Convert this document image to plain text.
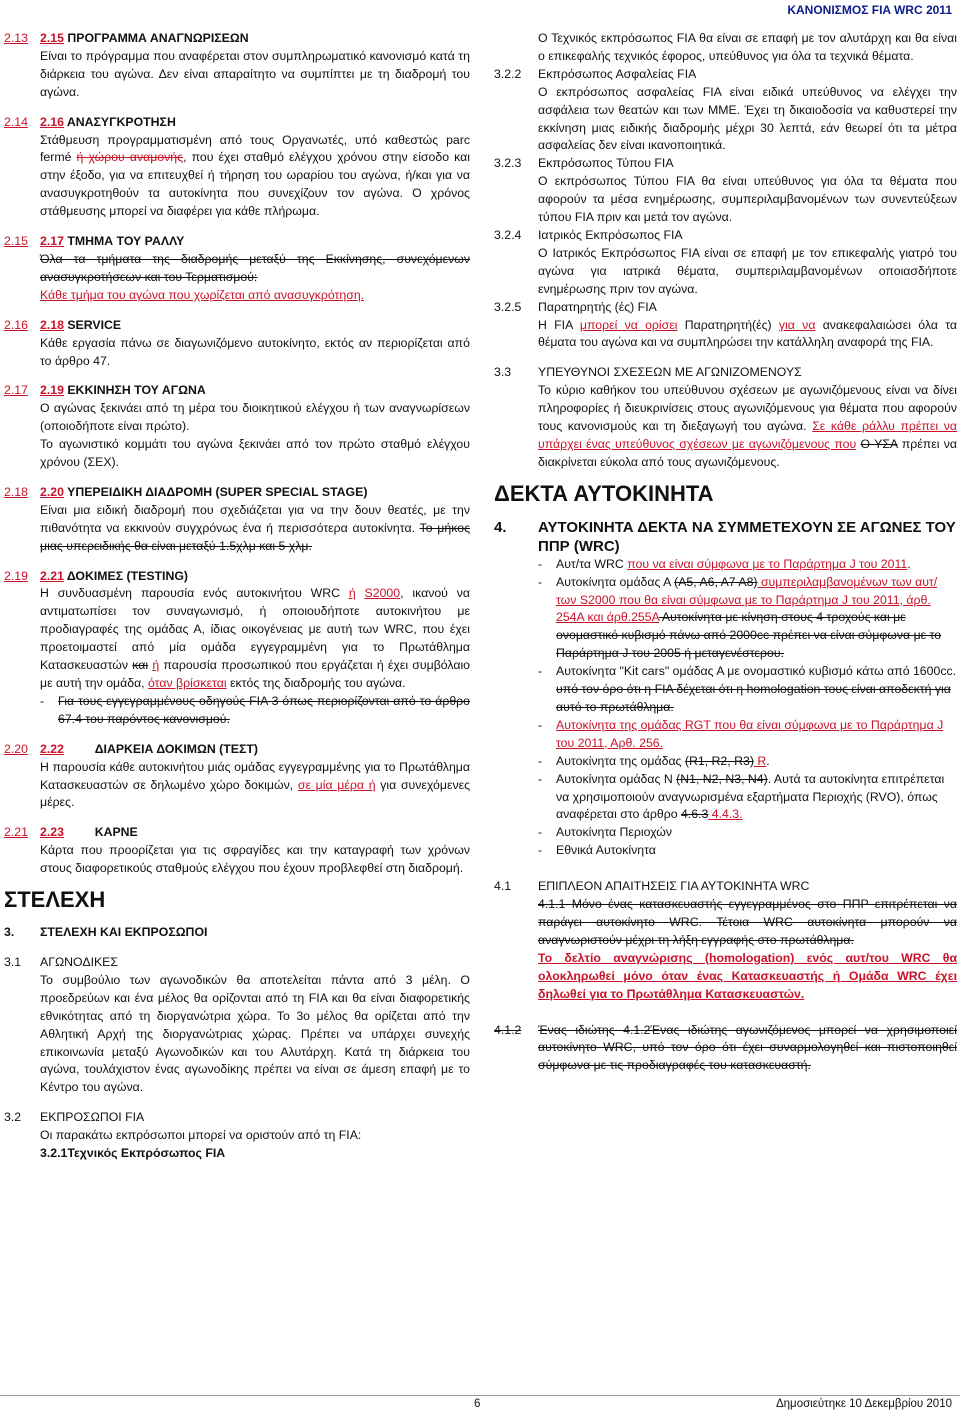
ΚΑΝΟΝΙΣΜΟΣ FIA WRC 2011
2.13 2.15 ΠΡΟΓΡΑΜΜΑ ΑΝΑΓΝΩΡΙΣΕΩΝ
Είναι το πρόγραμμα που αναφέρεται στον συμπληρωματικό κανονισμό κατά τη διάρκεια του αγώνα. Δεν είναι απαραίτητο να συμπίπτει με τη διαδρομή του αγώνα.
2.14 2.16 ΑΝΑΣΥΓΚΡΟΤΗΣΗ
Στάθμευση προγραμματισμένη από τους Οργανωτές, υπό καθεστώς parc fermé ή χώρου αναμονής, που έχει σταθμό ελέγχου χρόνου στην είσοδο και στην έξοδο, για να επιτευχθεί ή τήρηση του ωραρίου του αγώνα, ή/και για να ανασυγκροτηθούν τα αυτοκίνητα που συνεχίζουν τον αγώνα. Ο χρόνος στάθμευσης μπορεί να διαφέρει για κάθε πλήρωμα.
2.15 2.17 ΤΜΗΜΑ ΤΟΥ ΡΑΛΛΥ
Όλα τα τμήματα της διαδρομής μεταξύ της Εκκίνησης, συνεχόμενων ανασυγκροτήσεων και του Τερματισμού:
Κάθε τμήμα του αγώνα που χωρίζεται από ανασυγκρότηση.
2.16 2.18 SERVICE
Κάθε εργασία πάνω σε διαγωνιζόμενο αυτοκίνητο, εκτός αν περιορίζεται από το άρθρο 47.
2.17 2.19 ΕΚΚΙΝΗΣΗ ΤΟΥ ΑΓΩΝΑ
Ο αγώνας ξεκινάει από τη μέρα του διοικητικού ελέγχου ή των αναγνωρίσεων (οποιοδήποτε είναι πρώτο).
Το αγωνιστικό κομμάτι του αγώνα ξεκινάει από τον πρώτο σταθμό ελέγχου χρόνου (ΣΕΧ).
2.18 2.20 ΥΠΕΡΕΙΔΙΚΗ ΔΙΑΔΡΟΜΗ (SUPER SPECIAL STAGE)
Είναι μια ειδική διαδρομή που σχεδιάζεται για να την δουν θεατές, με την πιθανότητα να εκκινούν συγχρόνως ένα ή περισσότερα αυτοκίνητα. Το μήκος μιας υπερειδικής θα είναι μεταξύ 1.5χλμ και 5 χλμ.
2.19 2.21 ΔΟΚΙΜΕΣ (TESTING)
Η συνδυασμένη παρουσία ενός αυτοκινήτου WRC ή S2000, ικανού να αντιματωπίσει τον συναγωνισμό, ή οποιουδήποτε αυτοκινήτου με προδιαγραφές της ομάδας Α, ίδιας οικογένειας με αυτή των WRC, που έχει προετοιμαστεί από μία ομάδα εγγεγραμμένη για το Πρωτάθλημα Κατασκευαστών και ή παρουσία προσωπικού που εργάζεται ή έχει συμβόλαιο με αυτή την ομάδα, όταν βρίσκεται εκτός της διαδρομής του αγώνα.
-	Για τους εγγεγραμμένους οδηγούς FIA 3 όπως περιορίζονται από το άρθρο 67.4 του παρόντος κανονισμού.
2.20 2.22	ΔΙΑΡΚΕΙΑ ΔΟΚΙΜΩΝ (ΤΕΣΤ)
Η παρουσία κάθε αυτοκινήτου μιάς ομάδας εγγεγραμμένης για το Πρωτάθλημα Κατασκευαστών σε δηλωμένο χώρο δοκιμών, σε μία μέρα ή για συνεχόμενες μέρες.
2.21 2.23	ΚΑΡΝΕ
Κάρτα που προορίζεται για τις σφραγίδες και την καταγραφή των χρόνων στους διαφορετικούς σταθμούς ελέγχου που έχουν προβλεφθεί στη διαδρομή.
ΣΤΕΛΕΧΗ
3.	ΣΤΕΛΕΧΗ ΚΑΙ ΕΚΠΡΟΣΩΠΟΙ
3.1	ΑΓΩΝΟΔΙΚΕΣ
Το συμβούλιο των αγωνοδικών θα αποτελείται πάντα από 3 μέλη. Ο προεδρεύων και ένα μέλος θα ορίζονται από τη FIA και θα είναι διαφορετικής εθνικότητας από τη διοργανώτρια χώρα. Το 3ο μέλος θα ορίζεται από την Αθλητική Αρχή της διοργανώτριας χώρας. Πρέπει να υπάρχει συνεχής επικοινωνία μεταξύ Αγωνοδικών και του Αλυτάρχη. Κατά τη διάρκεια του αγώνα, τουλάχιστον ένας αγωνοδίκης πρέπει να είναι σε άμεση επαφή με το Κέντρο του αγώνα.
3.2	ΕΚΠΡΟΣΩΠΟΙ FIA
Οι παρακάτω εκπρόσωποι μπορεί να οριστούν από τη FIA:
3.2.1Τεχνικός Εκπρόσωπος FIA
Ο Τεχνικός εκπρόσωπος FIA θα είναι σε επαφή με τον αλυτάρχη και θα είναι ο επικεφαλής τεχνικός έφορος, υπεύθυνος για όλα τα τεχνικά θέματα.
3.2.2	Εκπρόσωπος Ασφαλείας FIA
Ο εκπρόσωπος ασφαλείας FIA είναι ειδικά υπεύθυνος να ελέγχει την ασφάλεια των θεατών και των ΜΜΕ. Έχει τη δικαιοδοσία να καθυστερεί την εκκίνηση μιας ειδικής διαδρομής μέχρι 30 λεπτά, εάν θεωρεί ότι τα μέτρα ασφαλείας δεν είναι ικανοποιητικά.
3.2.3	Εκπρόσωπος Τύπου FIA
Ο εκπρόσωπος Τύπου FIA θα είναι υπεύθυνος για όλα τα θέματα που αφορούν τα μέσα ενημέρωσης, συμπεριλαμβανομένων των συνεντεύξεων τύπου FIA πριν και μετά τον αγώνα.
3.2.4	Ιατρικός Εκπρόσωπος FIA
Ο Ιατρικός Εκπρόσωπος FIA είναι σε επαφή με τον επικεφαλής γιατρό του αγώνα για ιατρικά θέματα, συμπεριλαμβανομένων οποιασδήποτε ενημέρωσης πριν τον αγώνα.
3.2.5	Παρατηρητής (ές) FIA
Η FIA μπορεί να ορίσει Παρατηρητή(ές) για να ανακεφαλαιώσει όλα τα θέματα του αγώνα και να συμπληρώσει την κατάλληλη αναφορά της FIA.
3.3	ΥΠΕΥΘΥΝΟΙ ΣΧΕΣΕΩΝ ΜΕ ΑΓΩΝΙΖΟΜΕΝΟΥΣ
Το κύριο καθήκον του υπεύθυνου σχέσεων με αγωνιζόμενους είναι να δίνει πληροφορίες ή διευκρινίσεις στους αγωνιζόμενους για θέματα που αφορούν τους κανονισμούς και τη διεξαγωγή του αγώνα. Σε κάθε ράλλυ πρέπει να υπάρχει ένας υπεύθυνος σχέσεων με αγωνιζόμενους που Ο ΥΣΑ πρέπει να διακρίνεται εύκολα από τους αγωνιζόμενους.
ΔΕΚΤΑ ΑΥΤΟΚΙΝΗΤΑ
4.	ΑΥΤΟΚΙΝΗΤΑ ΔΕΚΤΑ ΝΑ ΣΥΜΜΕΤΕΧΟΥΝ ΣΕ ΑΓΩΝΕΣ ΤΟΥ ΠΠΡ (WRC)
-	Αυτ/τα WRC που να είναι σύμφωνα με το Παράρτημα J του 2011.
-	Αυτοκίνητα ομάδας Α (A5, A6, A7 A8) συμπεριλαμβανομένων των αυτ/των S2000 που θα είναι σύμφωνα με το Παράρτημα J του 2011, άρθ. 254Α και άρθ.255Α Αυτοκίνητα με κίνηση στους 4 τροχούς και με ονομαστικό κυβισμό πάνω από 2000cc πρέπει να είναι σύμφωνα με το Παράρτημα J του 2005 ή μεταγενέστερου.
-	Αυτοκίνητα "Kit cars" ομάδας Α με ονομαστικό κυβισμό κάτω από 1600cc. υπό τον όρο ότι η FIA δέχεται ότι η homologation τους είναι αποδεκτή για αυτό το πρωτάθλημα.
-	Αυτοκίνητα της ομάδας RGT που θα είναι σύμφωνα με το Παράρτημα J του 2011, Αρθ. 256.
-	Αυτοκίνητα της ομάδας (R1, R2, R3) R.
-	Αυτοκίνητα ομάδας Ν (N1, N2, N3, N4). Αυτά τα αυτοκίνητα επιτρέπεται να χρησιμοποιούν αναγνωρισμένα εξαρτήματα Περιοχής (RVO), όπως αναφέρεται στο άρθρο 4.6.3 4.4.3.
-	Αυτοκίνητα Περιοχών
-	Εθνικά Αυτοκίνητα
4.1	ΕΠΙΠΛΕΟΝ ΑΠΑΙΤΗΣΕΙΣ ΓΙΑ ΑΥΤΟΚΙΝΗΤΑ WRC
4.1.1 Μόνο ένας κατασκευαστής εγγεγραμμένος στο ΠΠΡ επιτρέπεται να παράγει αυτοκίνητο WRC. Τέτοια WRC αυτοκίνητα μπορούν να αναγνωριστούν μέχρι τη λήξη εγγραφής στο πρωτάθλημα.
Το δελτίο αναγνώρισης (homologation) ενός αυτ/του WRC θα ολοκληρωθεί μόνο όταν ένας Κατασκευαστής ή Ομάδα WRC έχει δηλωθεί για το Πρωτάθλημα Κατασκευαστών.
4.1.2	Ένας ιδιώτης 4.1.2Ένας ιδιώτης αγωνιζόμενος μπορεί να χρησιμοποιεί αυτοκίνητο WRC, υπό τον όρο ότι έχει συναρμολογηθεί και πιστοποιηθεί σύμφωνα με τις προδιαγραφές του κατασκευαστή.
6	Δημοσιεύτηκε 10 Δεκεμβρίου 2010
